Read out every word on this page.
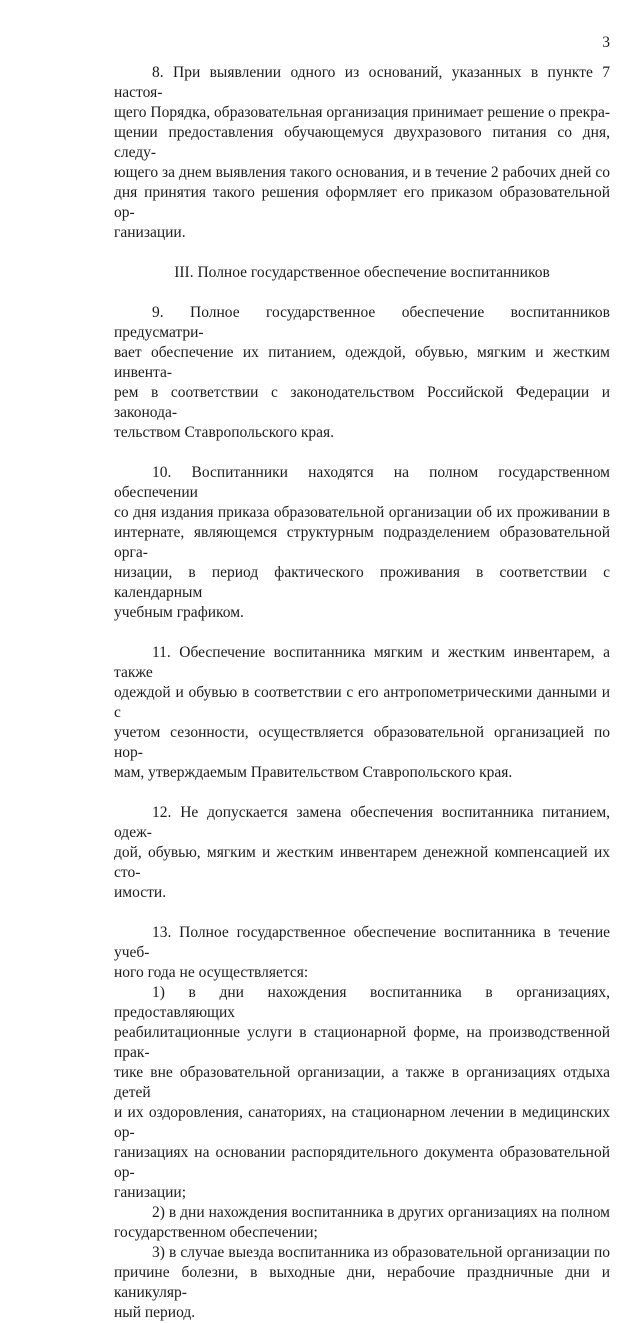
3
8. При выявлении одного из оснований, указанных в пункте 7 настоя-
щего Порядка, образовательная организация принимает решение о прекра-
щении предоставления обучающемуся двухразового питания со дня, следу-
ющего за днем выявления такого основания, и в течение 2 рабочих дней со
дня принятия такого решения оформляет его приказом образовательной ор-
ганизации.
III. Полное государственное обеспечение воспитанников
9. Полное государственное обеспечение воспитанников предусматри-
вает обеспечение их питанием, одеждой, обувью, мягким и жестким инвента-
рем в соответствии с законодательством Российской Федерации и законода-
тельством Ставропольского края.
10. Воспитанники находятся на полном государственном обеспечении
со дня издания приказа образовательной организации об их проживании в
интернате, являющемся структурным подразделением образовательной орга-
низации, в период фактического проживания в соответствии с календарным
учебным графиком.
11. Обеспечение воспитанника мягким и жестким инвентарем, а также
одеждой и обувью в соответствии с его антропометрическими данными и с
учетом сезонности, осуществляется образовательной организацией по нор-
мам, утверждаемым Правительством Ставропольского края.
12. Не допускается замена обеспечения воспитанника питанием, одеж-
дой, обувью, мягким и жестким инвентарем денежной компенсацией их сто-
имости.
13. Полное государственное обеспечение воспитанника в течение учеб-
ного года не осуществляется:
1) в дни нахождения воспитанника в организациях, предоставляющих
реабилитационные услуги в стационарной форме, на производственной прак-
тике вне образовательной организации, а также в организациях отдыха детей
и их оздоровления, санаториях, на стационарном лечении в медицинских ор-
ганизациях на основании распорядительного документа образовательной ор-
ганизации;
2) в дни нахождения воспитанника в других организациях на полном
государственном обеспечении;
3) в случае выезда воспитанника из образовательной организации по
причине болезни, в выходные дни, нерабочие праздничные дни и каникуляр-
ный период.
